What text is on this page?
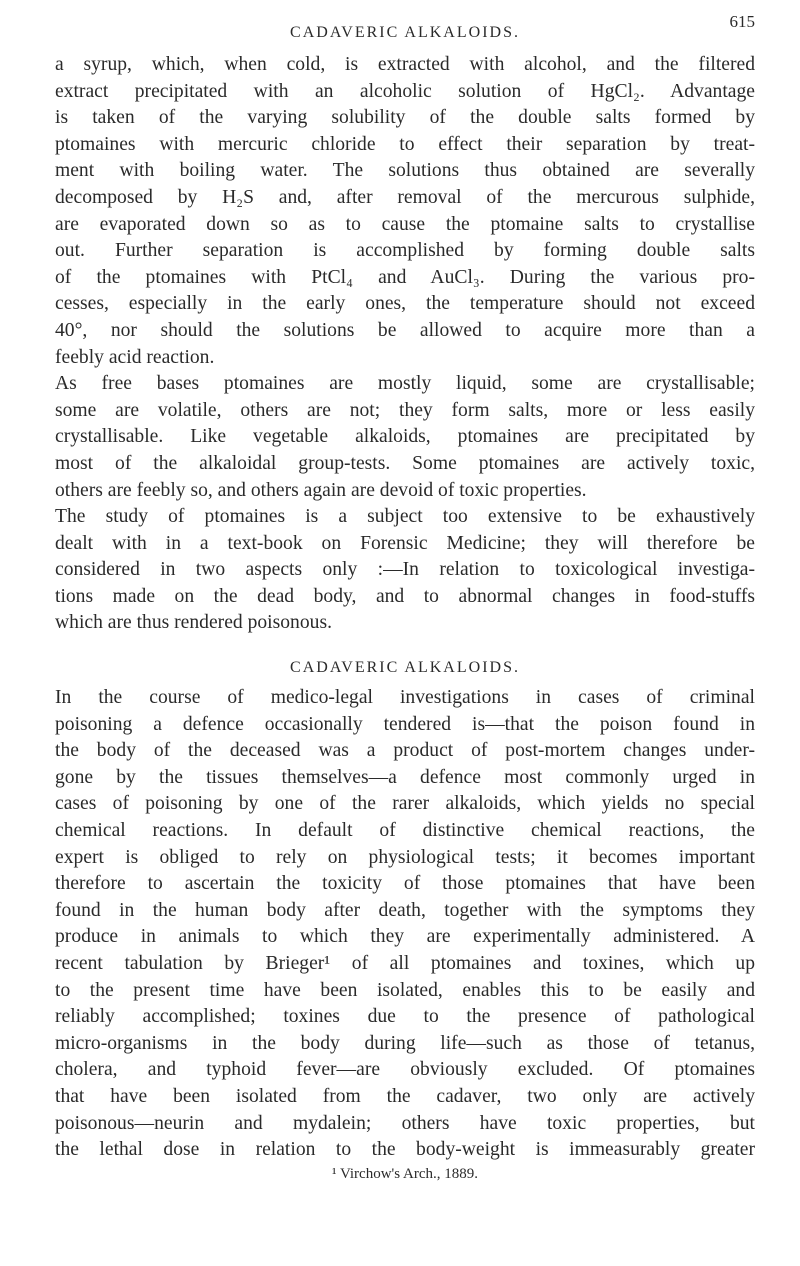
CADAVERIC ALKALOIDS.
615
a syrup, which, when cold, is extracted with alcohol, and the filtered
extract precipitated with an alcoholic solution of HgCl₂. Advantage
is taken of the varying solubility of the double salts formed by
ptomaines with mercuric chloride to effect their separation by treat-
ment with boiling water. The solutions thus obtained are severally
decomposed by H₂S and, after removal of the mercurous sulphide,
are evaporated down so as to cause the ptomaine salts to crystallise
out. Further separation is accomplished by forming double salts
of the ptomaines with PtCl₄ and AuCl₃. During the various pro-
cesses, especially in the early ones, the temperature should not exceed
40°, nor should the solutions be allowed to acquire more than a
feebly acid reaction.
As free bases ptomaines are mostly liquid, some are crystallisable;
some are volatile, others are not; they form salts, more or less easily
crystallisable. Like vegetable alkaloids, ptomaines are precipitated by
most of the alkaloidal group-tests. Some ptomaines are actively toxic,
others are feebly so, and others again are devoid of toxic properties.
The study of ptomaines is a subject too extensive to be exhaustively
dealt with in a text-book on Forensic Medicine; they will therefore be
considered in two aspects only :—In relation to toxicological investiga-
tions made on the dead body, and to abnormal changes in food-stuffs
which are thus rendered poisonous.
CADAVERIC ALKALOIDS.
In the course of medico-legal investigations in cases of criminal
poisoning a defence occasionally tendered is—that the poison found in
the body of the deceased was a product of post-mortem changes under-
gone by the tissues themselves—a defence most commonly urged in
cases of poisoning by one of the rarer alkaloids, which yields no special
chemical reactions. In default of distinctive chemical reactions, the
expert is obliged to rely on physiological tests; it becomes important
therefore to ascertain the toxicity of those ptomaines that have been
found in the human body after death, together with the symptoms they
produce in animals to which they are experimentally administered. A
recent tabulation by Brieger¹ of all ptomaines and toxines, which up
to the present time have been isolated, enables this to be easily and
reliably accomplished; toxines due to the presence of pathological
micro-organisms in the body during life—such as those of tetanus,
cholera, and typhoid fever—are obviously excluded. Of ptomaines
that have been isolated from the cadaver, two only are actively
poisonous—neurin and mydalein; others have toxic properties, but
the lethal dose in relation to the body-weight is immeasurably greater
¹ Virchow's Arch., 1889.
